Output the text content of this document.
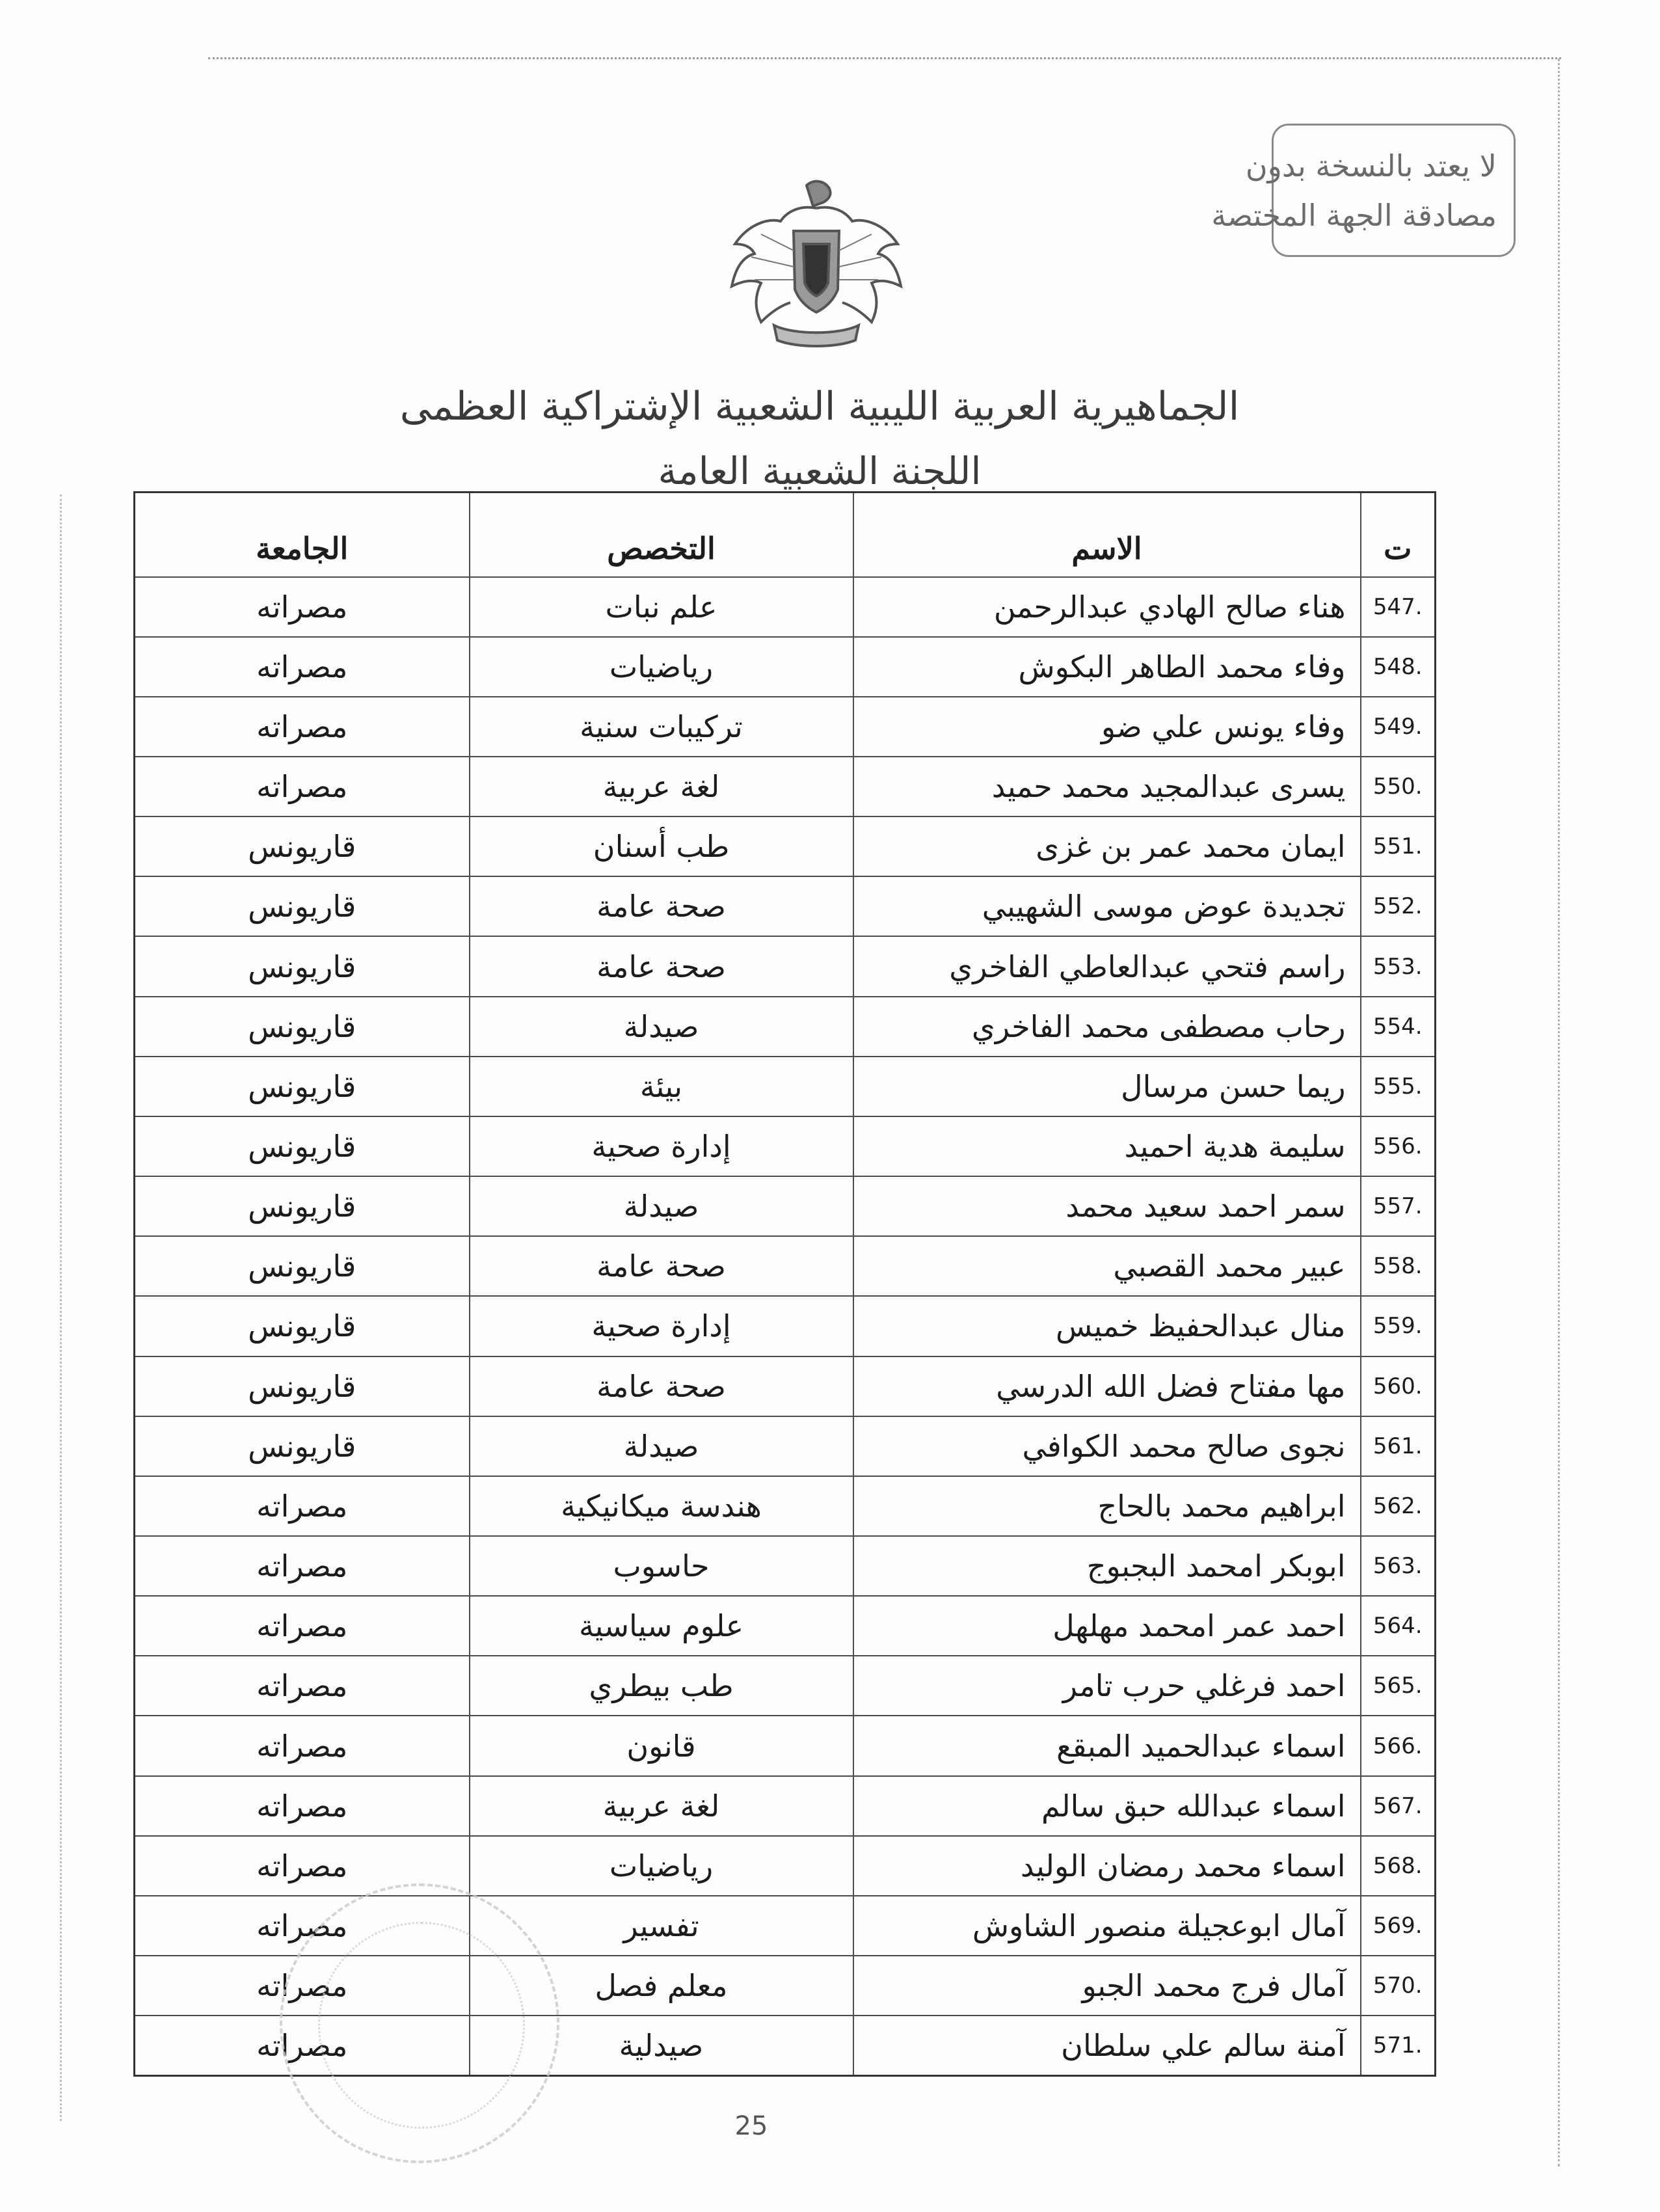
لا يعتد بالنسخة بدون
مصادقة الجهة المختصة
الجماهيرية العربية الليبية الشعبية الإشتراكية العظمى
اللجنة الشعبية العامة
ت	الاسم	التخصص	الجامعة
547.	هناء صالح الهادي عبدالرحمن	علم نبات	مصراته
548.	وفاء محمد الطاهر البكوش	رياضيات	مصراته
549.	وفاء يونس علي ضو	تركيبات سنية	مصراته
550.	يسرى عبدالمجيد محمد حميد	لغة عربية	مصراته
551.	ايمان محمد عمر بن غزى	طب أسنان	قاريونس
552.	تجديدة عوض موسى الشهيبي	صحة عامة	قاريونس
553.	راسم فتحي عبدالعاطي الفاخري	صحة عامة	قاريونس
554.	رحاب مصطفى محمد الفاخري	صيدلة	قاريونس
555.	ريما حسن مرسال	بيئة	قاريونس
556.	سليمة هدية احميد	إدارة صحية	قاريونس
557.	سمر احمد سعيد محمد	صيدلة	قاريونس
558.	عبير محمد القصبي	صحة عامة	قاريونس
559.	منال عبدالحفيظ خميس	إدارة صحية	قاريونس
560.	مها مفتاح فضل الله الدرسي	صحة عامة	قاريونس
561.	نجوى صالح محمد الكوافي	صيدلة	قاريونس
562.	ابراهيم محمد بالحاج	هندسة ميكانيكية	مصراته
563.	ابوبكر امحمد البجبوج	حاسوب	مصراته
564.	احمد عمر امحمد مهلهل	علوم سياسية	مصراته
565.	احمد فرغلي حرب تامر	طب بيطري	مصراته
566.	اسماء عبدالحميد المبقع	قانون	مصراته
567.	اسماء عبدالله حبق سالم	لغة عربية	مصراته
568.	اسماء محمد رمضان الوليد	رياضيات	مصراته
569.	آمال ابوعجيلة منصور الشاوش	تفسير	مصراته
570.	آمال فرج محمد الجبو	معلم فصل	مصراته
571.	آمنة سالم علي سلطان	صيدلية	مصراته
25
